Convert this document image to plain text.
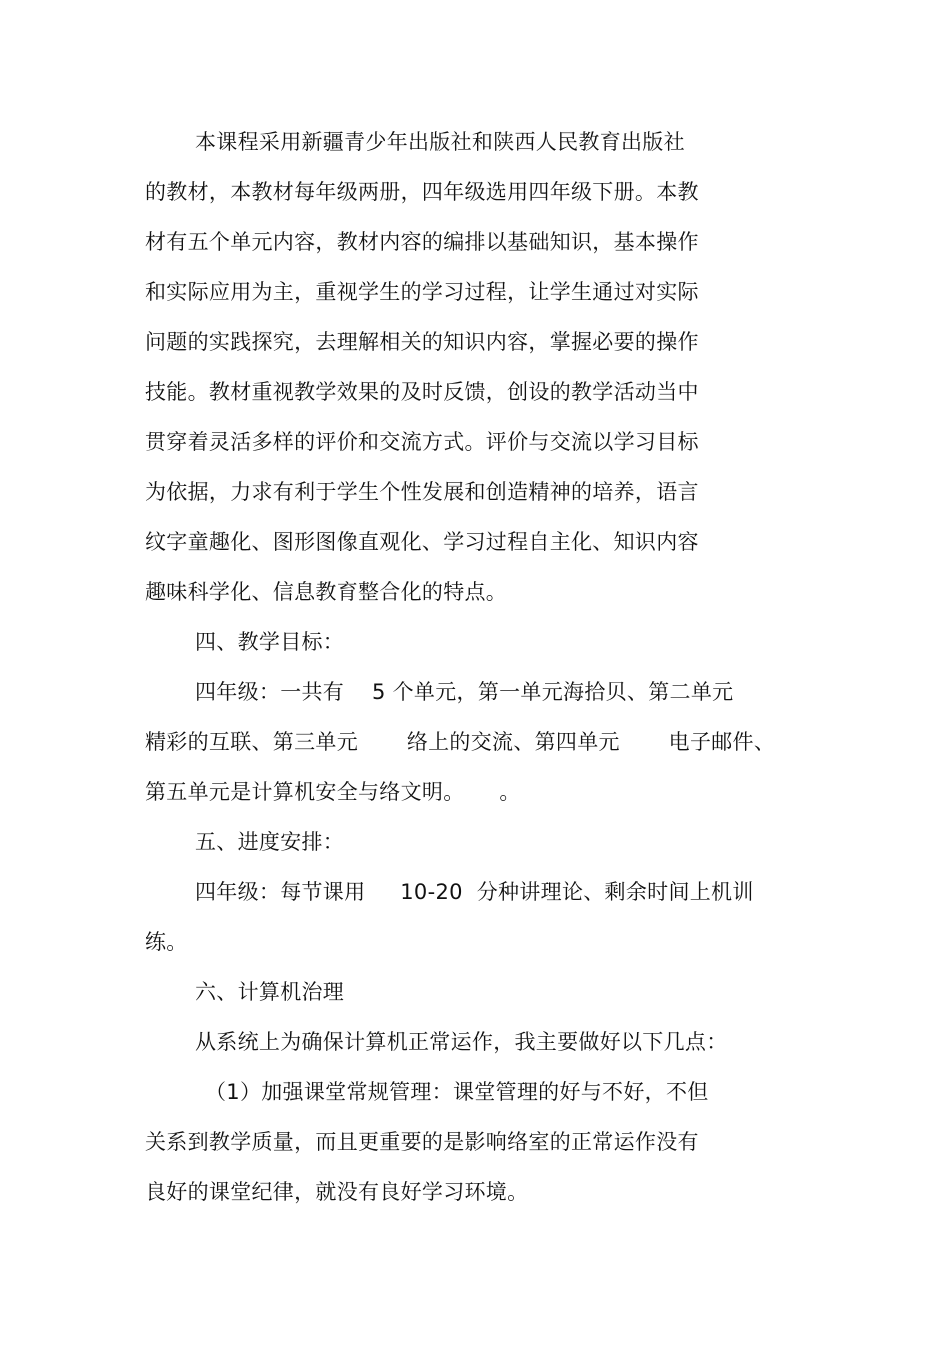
本课程采用新疆青少年出版社和陕西人民教育出版社
的教材，本教材每年级两册，四年级选用四年级下册。本教
材有五个单元内容，教材内容的编排以基础知识，基本操作
和实际应用为主，重视学生的学习过程，让学生通过对实际
问题的实践探究，去理解相关的知识内容，掌握必要的操作
技能。教材重视教学效果的及时反馈，创设的教学活动当中
贯穿着灵活多样的评价和交流方式。评价与交流以学习目标
为依据，力求有利于学生个性发展和创造精神的培养，语言
纹字童趣化、图形图像直观化、学习过程自主化、知识内容
趣味科学化、信息教育整合化的特点。
四、教学目标：
四年级：一共有    5 个单元，第一单元海拾贝、第二单元
精彩的互联、第三单元       络上的交流、第四单元       电子邮件、
第五单元是计算机安全与络文明。     。
五、进度安排：
四年级：每节课用     10-20  分种讲理论、剩余时间上机训
练。
六、计算机治理
从系统上为确保计算机正常运作，我主要做好以下几点：
（1）加强课堂常规管理：课堂管理的好与不好，不但
关系到教学质量，而且更重要的是影响络室的正常运作没有
良好的课堂纪律，就没有良好学习环境。
